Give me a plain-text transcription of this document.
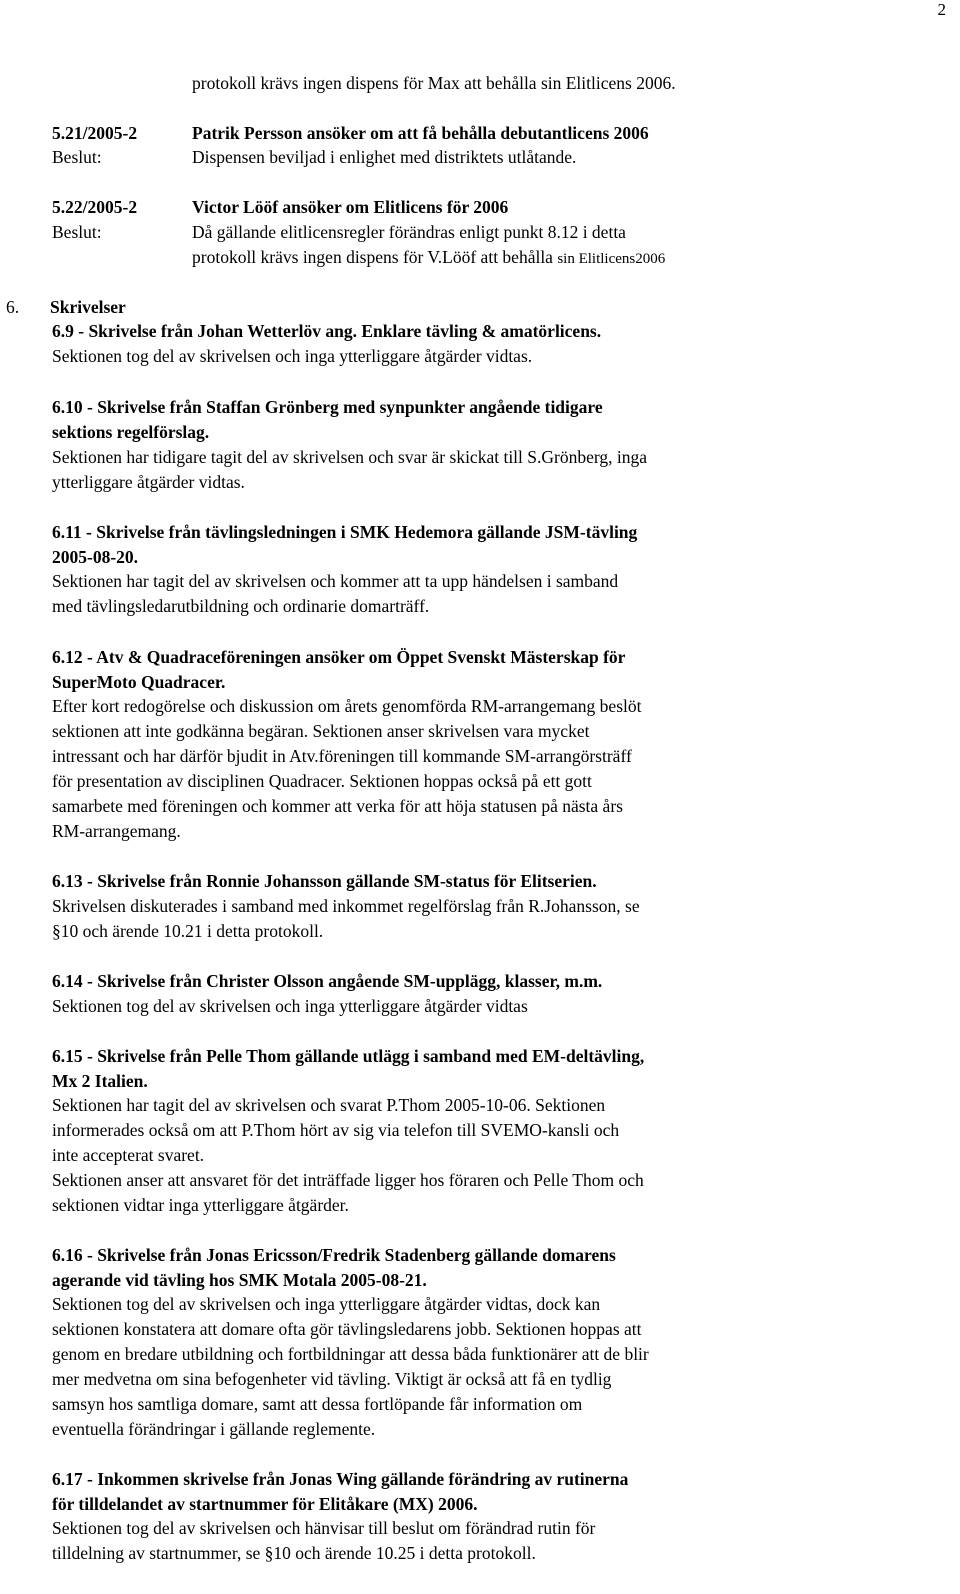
2
protokoll krävs ingen dispens för Max att behålla sin Elitlicens 2006.
5.21/2005-2	Patrik Persson ansöker om att få behålla debutantlicens 2006
Beslut:	Dispensen beviljad i enlighet med distriktets utlåtande.
5.22/2005-2	Victor Lööf ansöker om Elitlicens för 2006
Beslut:	Då gällande elitlicensregler förändras enligt punkt 8.12 i detta
protokoll krävs ingen dispens för V.Lööf att behålla sin Elitlicens2006
6. Skrivelser
6.9 - Skrivelse från Johan Wetterlöv ang. Enklare tävling & amatörlicens.
Sektionen tog del av skrivelsen och inga ytterliggare åtgärder vidtas.
6.10 - Skrivelse från Staffan Grönberg med synpunkter angående tidigare
sektions regelförslag.
Sektionen har tidigare tagit del av skrivelsen och svar är skickat till S.Grönberg, inga
ytterliggare åtgärder vidtas.
6.11 - Skrivelse från tävlingsledningen i SMK Hedemora gällande JSM-tävling
2005-08-20.
Sektionen har tagit del av skrivelsen och kommer att ta upp händelsen i samband
med tävlingsledarutbildning och ordinarie domarträff.
6.12 - Atv & Quadraceföreningen ansöker om Öppet Svenskt Mästerskap för
SuperMoto Quadracer.
Efter kort redogörelse och diskussion om årets genomförda RM-arrangemang beslöt
sektionen att inte godkänna begäran. Sektionen anser skrivelsen vara mycket
intressant och har därför bjudit in Atv.föreningen till kommande SM-arrangörsträff
för presentation av disciplinen Quadracer. Sektionen hoppas också på ett gott
samarbete med föreningen och kommer att verka för att höja statusen på nästa års
RM-arrangemang.
6.13 - Skrivelse från Ronnie Johansson gällande SM-status för Elitserien.
Skrivelsen diskuterades i samband med inkommet regelförslag från R.Johansson, se
§10 och ärende 10.21 i detta protokoll.
6.14 - Skrivelse från Christer Olsson angående SM-upplägg, klasser, m.m.
Sektionen tog del av skrivelsen och inga ytterliggare åtgärder vidtas
6.15 - Skrivelse från Pelle Thom gällande utlägg i samband med EM-deltävling,
Mx 2 Italien.
Sektionen har tagit del av skrivelsen och svarat P.Thom 2005-10-06. Sektionen
informerades också om att P.Thom hört av sig via telefon till SVEMO-kansli och
inte accepterat svaret.
Sektionen anser att ansvaret för det inträffade ligger hos föraren och Pelle Thom och
sektionen vidtar inga ytterliggare åtgärder.
6.16 - Skrivelse från Jonas Ericsson/Fredrik Stadenberg gällande domarens
agerande vid tävling hos SMK Motala 2005-08-21.
Sektionen tog del av skrivelsen och inga ytterliggare åtgärder vidtas, dock kan
sektionen konstatera att domare ofta gör tävlingsledarens jobb. Sektionen hoppas att
genom en bredare utbildning och fortbildningar att dessa båda funktionärer att de blir
mer medvetna om sina befogenheter vid tävling. Viktigt är också att få en tydlig
samsyn hos samtliga domare, samt att dessa fortlöpande får information om
eventuella förändringar i gällande reglemente.
6.17 - Inkommen skrivelse från Jonas Wing gällande förändring av rutinerna
för tilldelandet av startnummer för Elitåkare (MX) 2006.
Sektionen tog del av skrivelsen och hänvisar till beslut om förändrad rutin för
tilldelning av startnummer, se §10 och ärende 10.25 i detta protokoll.
